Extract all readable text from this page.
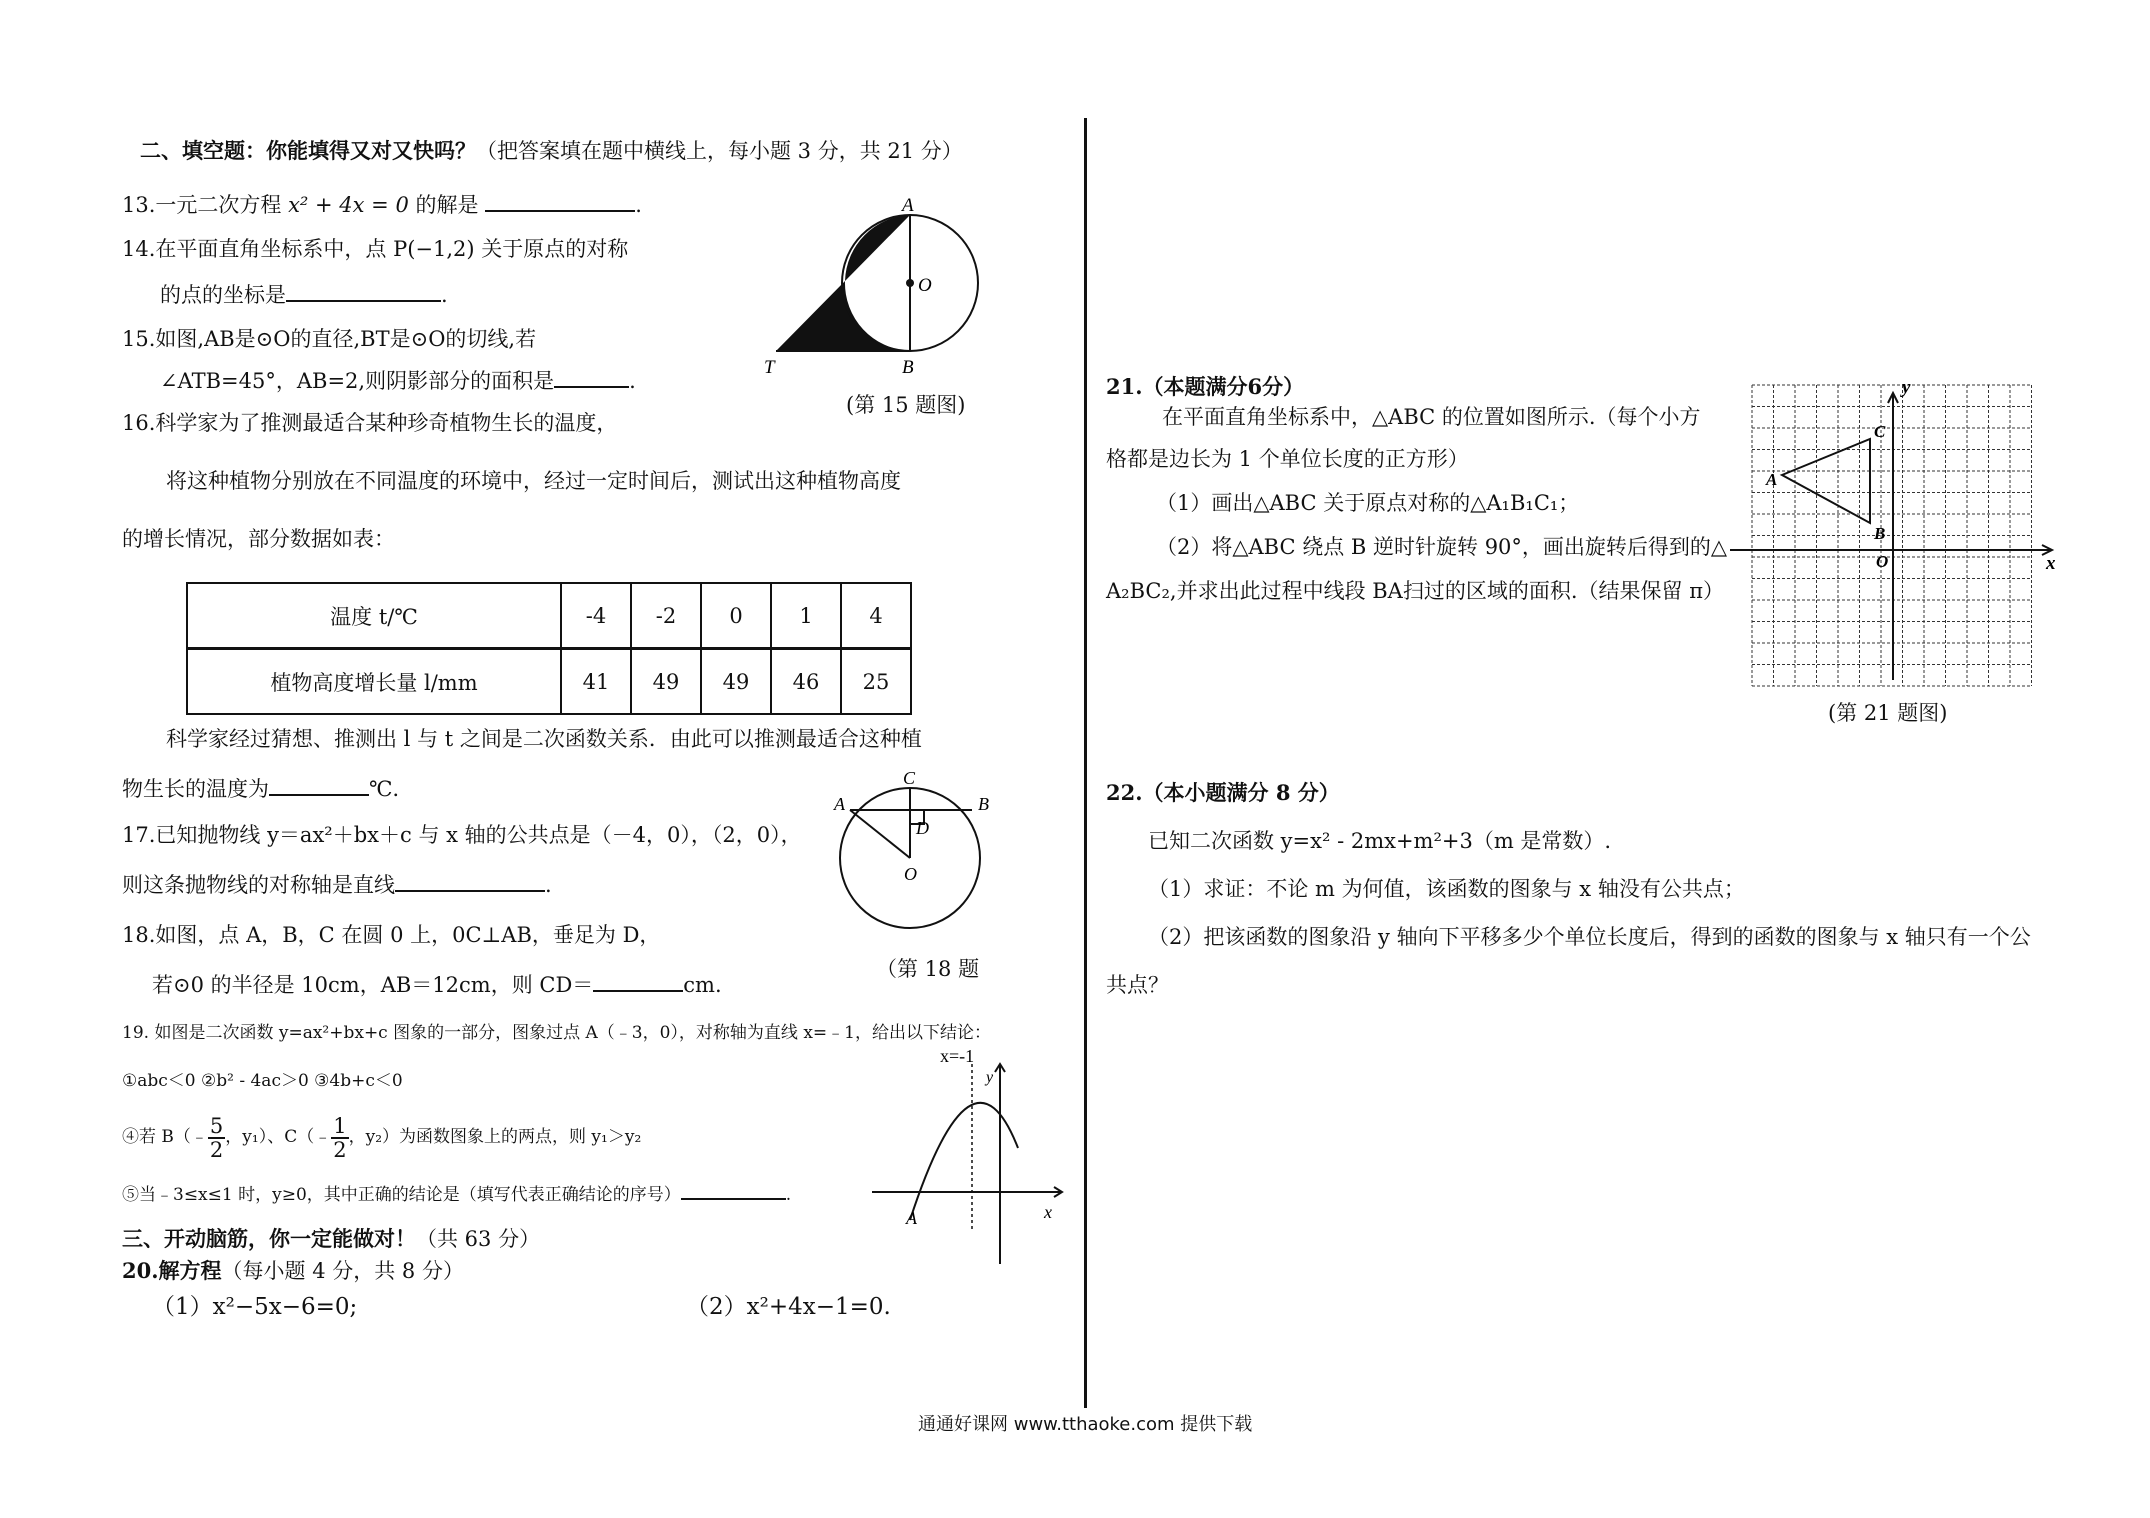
二、填空题：你能填得又对又快吗？（把答案填在题中横线上，每小题 3 分，共 21 分）
13.一元二次方程 x² + 4x = 0 的解是	.
14.在平面直角坐标系中，点 P(−1,2) 关于原点的对称
的点的坐标是	.
15.如图,AB是⊙O的直径,BT是⊙O的切线,若
∠ATB=45°，AB=2,则阴影部分的面积是	.
A
O
T	B
(第 15 题图)
16.科学家为了推测最适合某种珍奇植物生长的温度，
将这种植物分别放在不同温度的环境中，经过一定时间后，测试出这种植物高度
的增长情况，部分数据如表：
温度 t/℃	-4	-2	0	1	4
植物高度增长量 l/mm	41	49	49	46	25
科学家经过猜想、推测出 l 与 t 之间是二次函数关系．由此可以推测最适合这种植
物生长的温度为	℃．
17.已知抛物线 y＝ax²＋bx＋c 与 x 轴的公共点是（－4，0），（2，0），
则这条抛物线的对称轴是直线	.
A	B
C
D
O
（第 18 题
18.如图，点 A，B，C 在圆 0 上，0C⊥AB，垂足为 D，
若⊙0 的半径是 10cm，AB＝12cm，则 CD＝	cm.
19. 如图是二次函数 y=ax²+bx+c 图象的一部分，图象过点 A（﹣3，0），对称轴为直线 x=﹣1，给出以下结论：
①abc＜0 ②b² - 4ac＞0 ③4b+c＜0
④若 B（﹣ $\frac{5}{2}$ ，y₁）、C（﹣ $\frac{1}{2}$ ，y₂）为函数图象上的两点，则 y₁＞y₂
⑤当﹣3≤x≤1 时，y≥0，其中正确的结论是（填写代表正确结论的序号）	.
x=-1
y
x
A
三、开动脑筋，你一定能做对！（共 63 分）
20.解方程（每小题 4 分，共 8 分）
（1）x²−5x−6=0;	（2）x²+4x−1=0.
21.（本题满分6分）
在平面直角坐标系中，△ABC 的位置如图所示.（每个小方
格都是边长为 1 个单位长度的正方形）
（1）画出△ABC 关于原点对称的△A₁B₁C₁；
（2）将△ABC 绕点 B 逆时针旋转 90°，画出旋转后得到的△
A₂BC₂,并求出此过程中线段 BA扫过的区域的面积.（结果保留 π）
A
C
B
O	x
y
(第 21 题图)
22.（本小题满分 8 分）
已知二次函数 y=x² - 2mx+m²+3（m 是常数）.
（1）求证：不论 m 为何值，该函数的图象与 x 轴没有公共点；
（2）把该函数的图象沿 y 轴向下平移多少个单位长度后，得到的函数的图象与 x 轴只有一个公
共点？
通通好课网 www.tthaoke.com 提供下载
